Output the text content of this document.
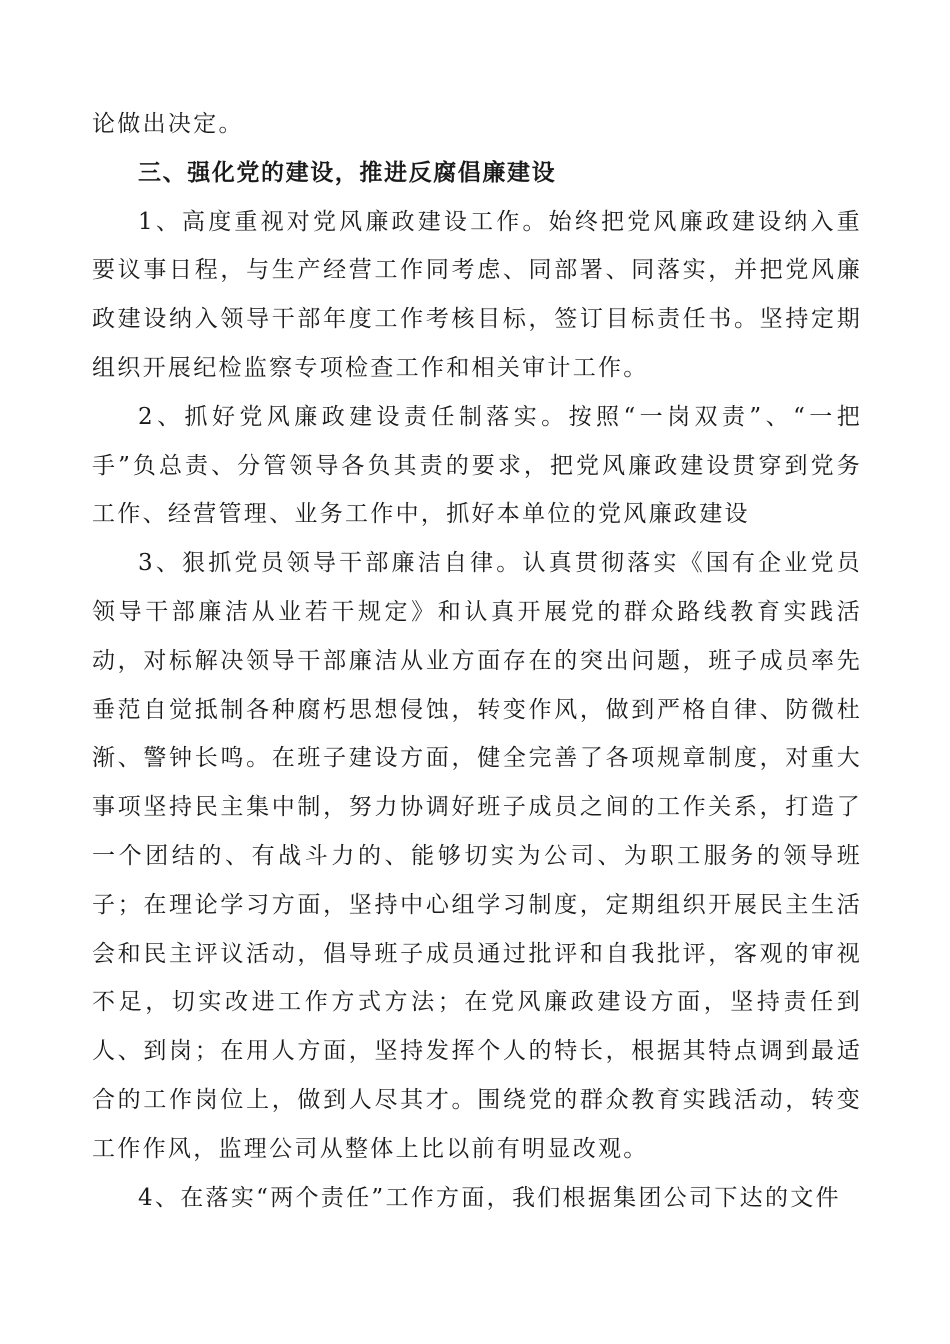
论做出决定。

三、强化党的建设，推进反腐倡廉建设

1、高度重视对党风廉政建设工作。始终把党风廉政建设纳入重要议事日程，与生产经营工作同考虑、同部署、同落实，并把党风廉政建设纳入领导干部年度工作考核目标，签订目标责任书。坚持定期组织开展纪检监察专项检查工作和相关审计工作。

2、抓好党风廉政建设责任制落实。按照“一岗双责”、“一把手”负总责、分管领导各负其责的要求，把党风廉政建设贯穿到党务工作、经营管理、业务工作中，抓好本单位的党风廉政建设

3、狠抓党员领导干部廉洁自律。认真贯彻落实《国有企业党员领导干部廉洁从业若干规定》和认真开展党的群众路线教育实践活动，对标解决领导干部廉洁从业方面存在的突出问题，班子成员率先垂范自觉抵制各种腐朽思想侵蚀，转变作风，做到严格自律、防微杜渐、警钟长鸣。在班子建设方面，健全完善了各项规章制度，对重大事项坚持民主集中制，努力协调好班子成员之间的工作关系，打造了一个团结的、有战斗力的、能够切实为公司、为职工服务的领导班子；在理论学习方面，坚持中心组学习制度，定期组织开展民主生活会和民主评议活动，倡导班子成员通过批评和自我批评，客观的审视不足，切实改进工作方式方法；在党风廉政建设方面，坚持责任到人、到岗；在用人方面，坚持发挥个人的特长，根据其特点调到最适合的工作岗位上，做到人尽其才。围绕党的群众教育实践活动，转变工作作风，监理公司从整体上比以前有明显改观。

4、在落实“两个责任”工作方面，我们根据集团公司下达的文件
